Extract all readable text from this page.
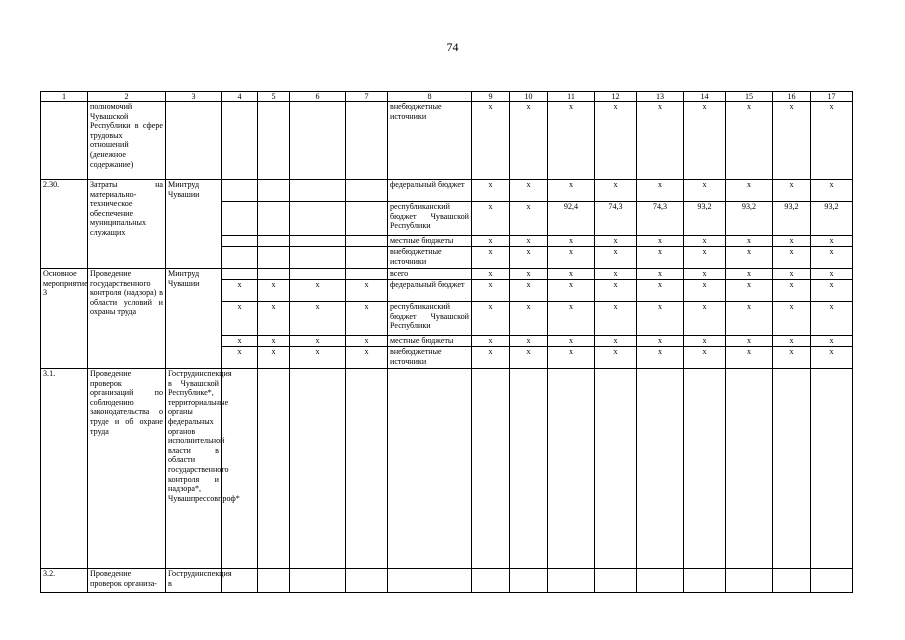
74
1	2	3	4	5	6	7	8	9	10	11	12	13	14	15	16	17
	полномочий Чувашской Республики в сфере трудовых отношений (денежное содержание)						внебюджетные источники	х	х	х	х	х	х	х	х	х
2.30.	Затраты на материально-техническое обеспечение муниципальных служащих	Минтруд Чувашии					федеральный бюджет	х	х	х	х	х	х	х	х	х
							республиканский бюджет Чувашской Республики	х	х	92,4	74,3	74,3	93,2	93,2	93,2	93,2
							местные бюджеты	х	х	х	х	х	х	х	х	х
							внебюджетные источники	х	х	х	х	х	х	х	х	х
Основное мероприятие 3	Проведение государственного контроля (надзора) в области условий и охраны труда	Минтруд Чувашии					всего	х	х	х	х	х	х	х	х	х
			х	х	х	х	федеральный бюджет	х	х	х	х	х	х	х	х	х
			х	х	х	х	республиканский бюджет Чувашской Республики	х	х	х	х	х	х	х	х	х
			х	х	х	х	местные бюджеты	х	х	х	х	х	х	х	х	х
			х	х	х	х	внебюджетные источники	х	х	х	х	х	х	х	х	х
3.1.	Проведение проверок организаций по соблюдению законодательства о труде и об охране труда	Гострудинспекция в Чувашской Республике*, территориальные органы федеральных органов исполнительной власти в области государственного контроля и надзора*, Чувашпрессовпроф*														
3.2.	Проведение проверок организа-	Гострудинспекция в														
